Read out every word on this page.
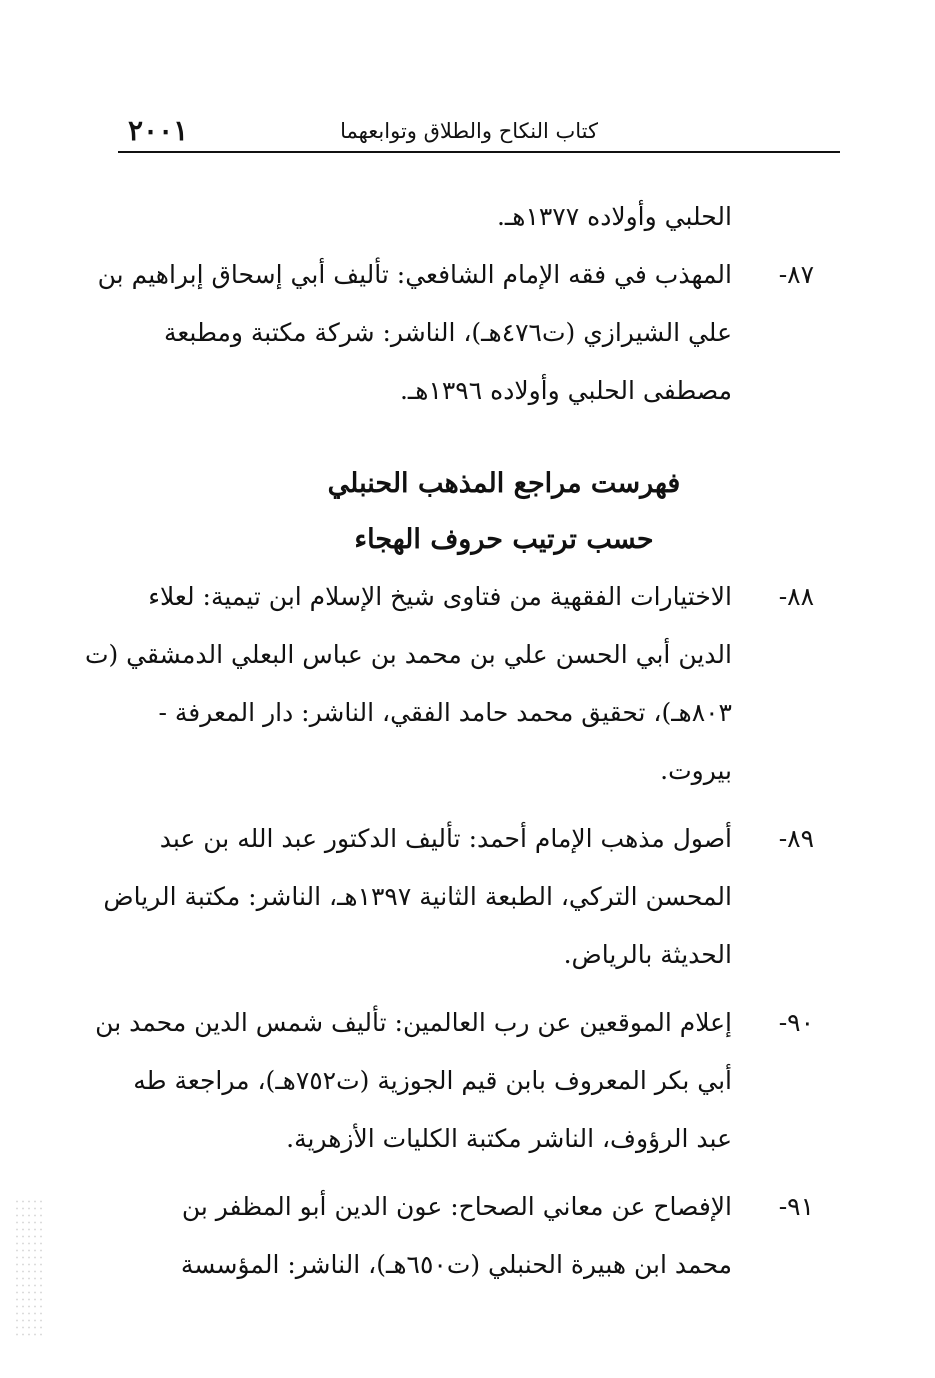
٢٠٠١	كتاب النكاح والطلاق وتوابعهما
الحلبي وأولاده ١٣٧٧هـ.
٨٧-
المهذب في فقه الإمام الشافعي: تأليف أبي إسحاق إبراهيم بن
علي الشيرازي (ت٤٧٦هـ)، الناشر: شركة مكتبة ومطبعة
مصطفى الحلبي وأولاده ١٣٩٦هـ.
فهرست مراجع المذهب الحنبلي
حسب ترتيب حروف الهجاء
٨٨-
الاختيارات الفقهية من فتاوى شيخ الإسلام ابن تيمية: لعلاء
الدين أبي الحسن علي بن محمد بن عباس البعلي الدمشقي (ت
٨٠٣هـ)، تحقيق محمد حامد الفقي، الناشر: دار المعرفة -
بيروت.
٨٩-
أصول مذهب الإمام أحمد: تأليف الدكتور عبد الله بن عبد
المحسن التركي، الطبعة الثانية ١٣٩٧هـ، الناشر: مكتبة الرياض
الحديثة بالرياض.
٩٠-
إعلام الموقعين عن رب العالمين: تأليف شمس الدين محمد بن
أبي بكر المعروف بابن قيم الجوزية (ت٧٥٢هـ)، مراجعة طه
عبد الرؤوف، الناشر مكتبة الكليات الأزهرية.
٩١-
الإفصاح عن معاني الصحاح: عون الدين أبو المظفر بن
محمد ابن هبيرة الحنبلي (ت٦٥٠هـ)، الناشر: المؤسسة
